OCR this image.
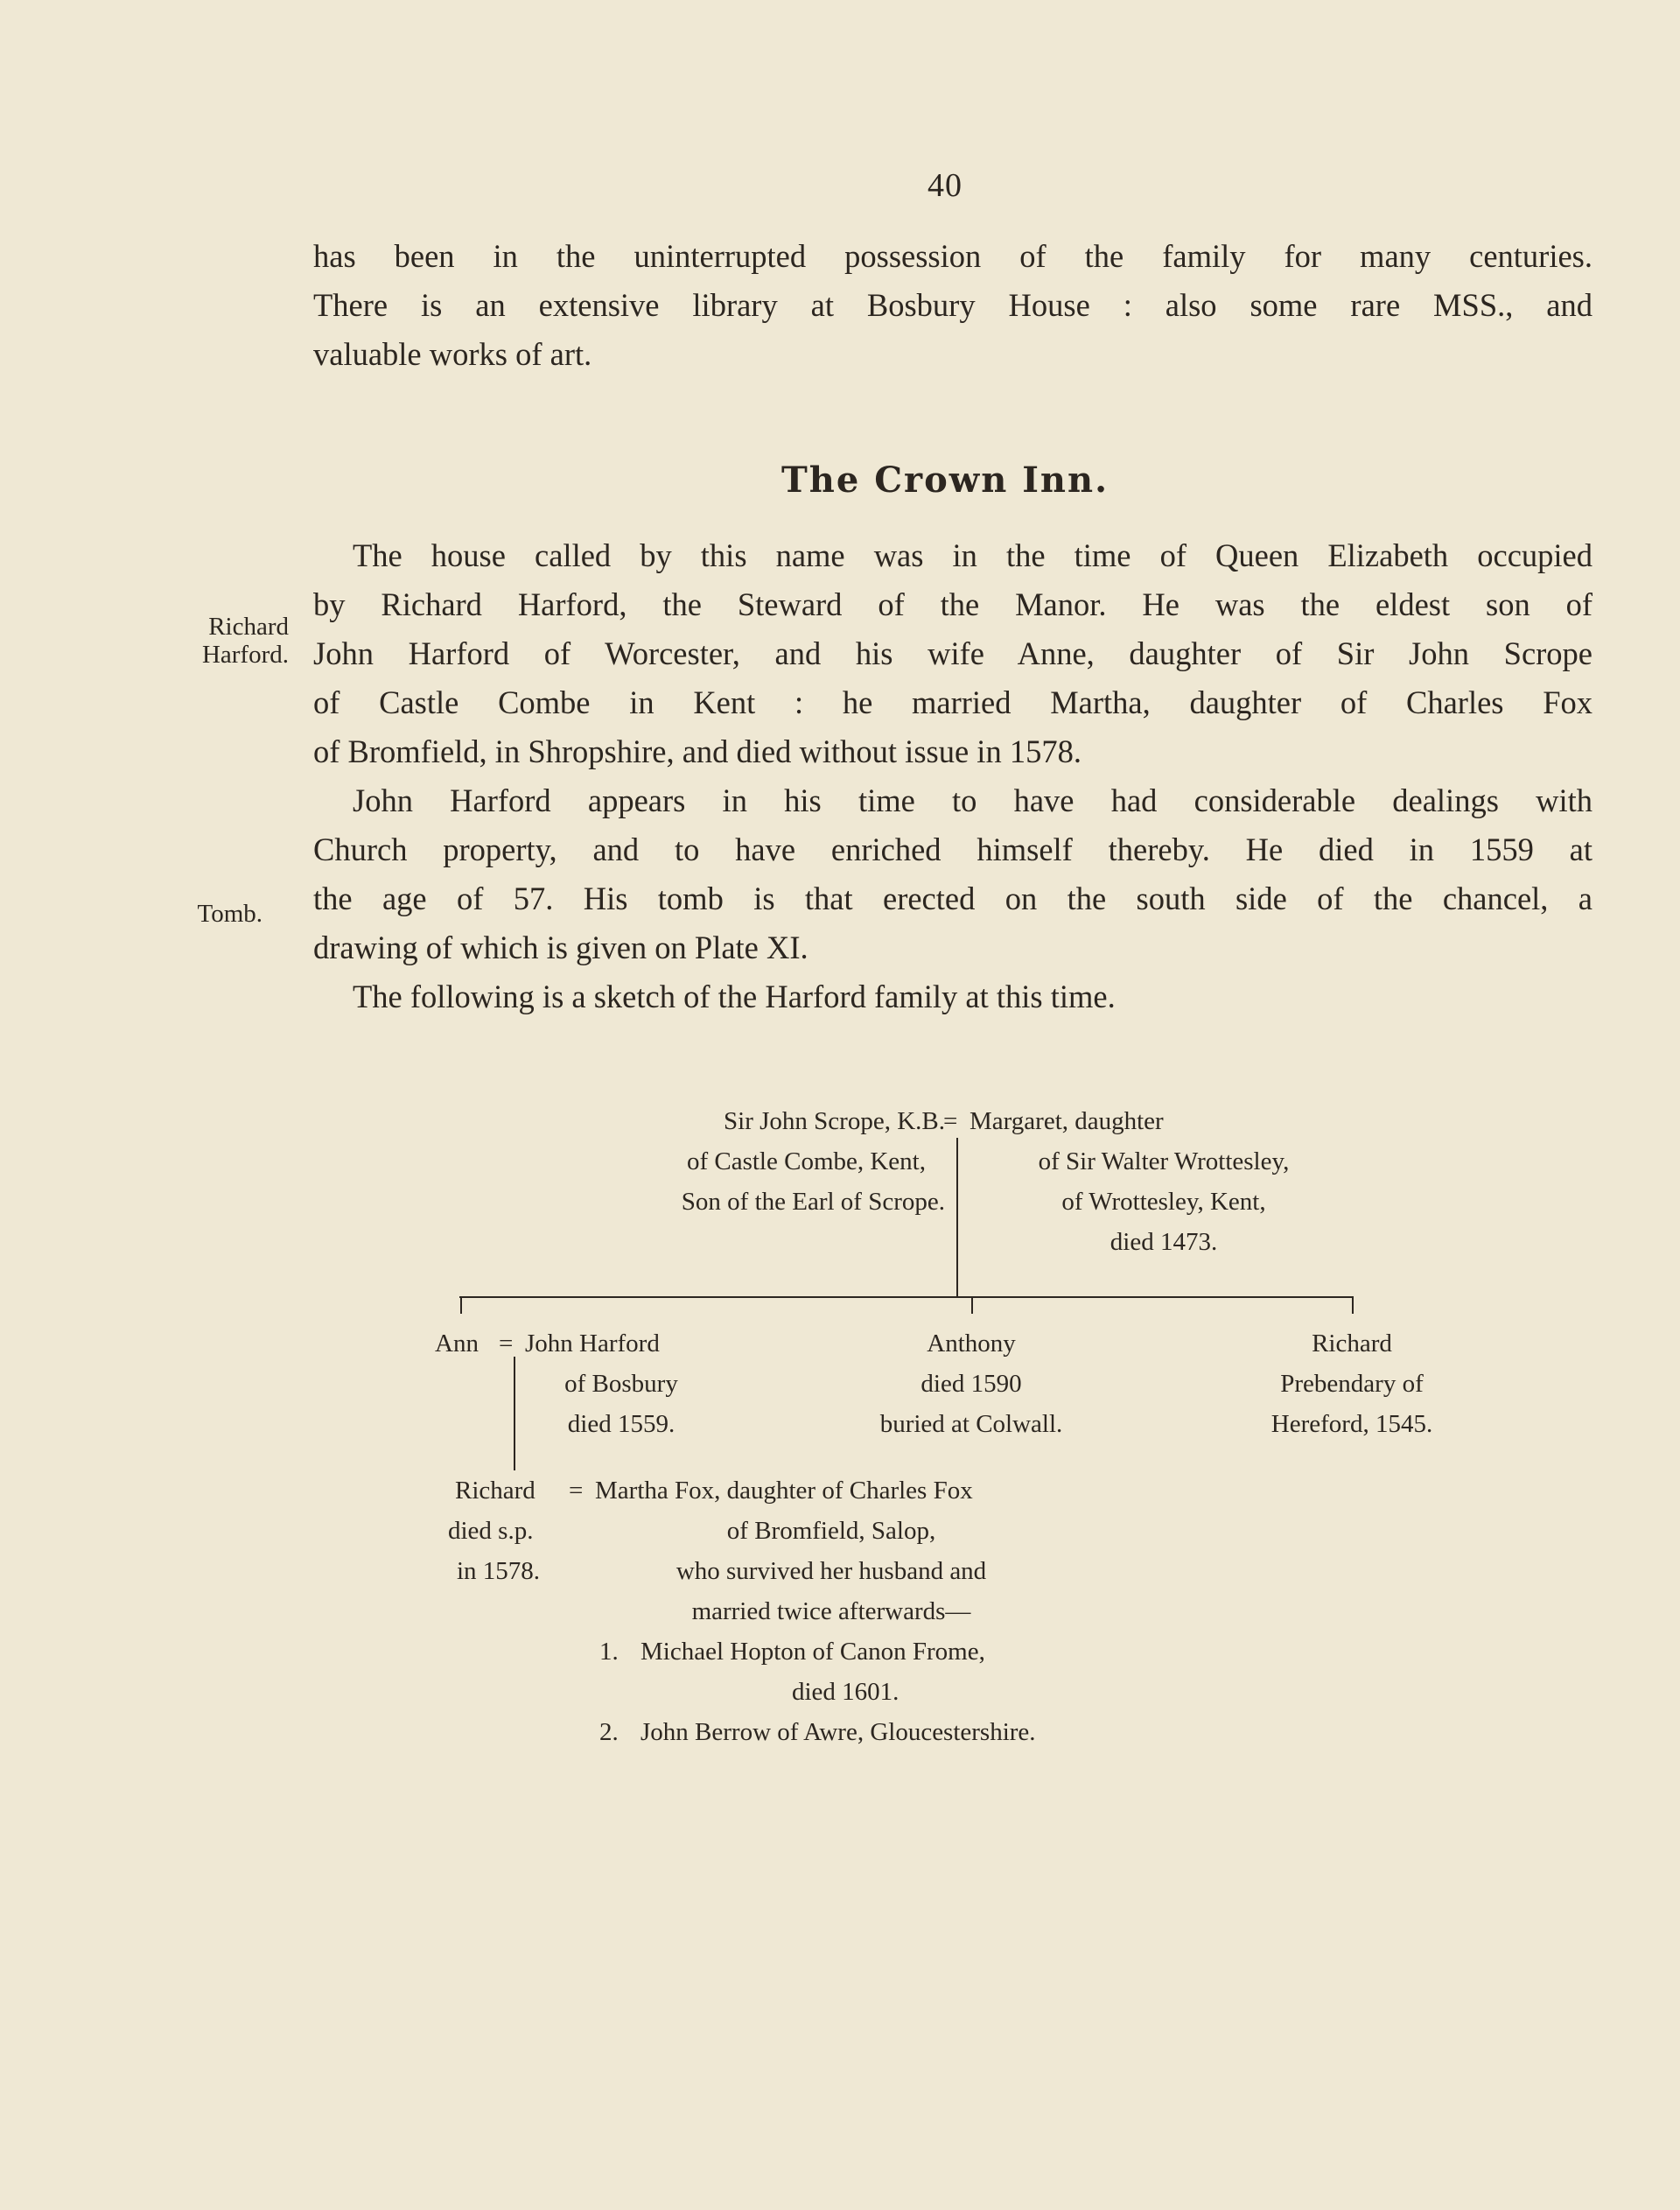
40
has been in the uninterrupted possession of the family for many centuries.
There is an extensive library at Bosbury House : also some rare MSS., and
valuable works of art.
The Crown Inn.
The house called by this name was in the time of Queen Elizabeth occupied
by Richard Harford, the Steward of the Manor. He was the eldest son of
John Harford of Worcester, and his wife Anne, daughter of Sir John Scrope
of Castle Combe in Kent : he married Martha, daughter of Charles Fox
of Bromfield, in Shropshire, and died without issue in 1578.
John Harford appears in his time to have had considerable dealings with
Church property, and to have enriched himself thereby. He died in 1559 at
the age of 57. His tomb is that erected on the south side of the chancel, a
drawing of which is given on Plate XI.
The following is a sketch of the Harford family at this time.
Richard
Harford.
Tomb.
Sir John Scrope, K.B.
of Castle Combe, Kent,
Son of the Earl of Scrope.
= Margaret, daughter
of Sir Walter Wrottesley,
of Wrottesley, Kent,
died 1473.
Ann = John Harford
of Bosbury
died 1559.
Anthony
died 1590
buried at Colwall.
Richard
Prebendary of
Hereford, 1545.
Richard
died s.p.
in 1578.
= Martha Fox, daughter of Charles Fox
of Bromfield, Salop,
who survived her husband and
married twice afterwards—
1. Michael Hopton of Canon Frome,
died 1601.
2. John Berrow of Awre, Gloucestershire.
